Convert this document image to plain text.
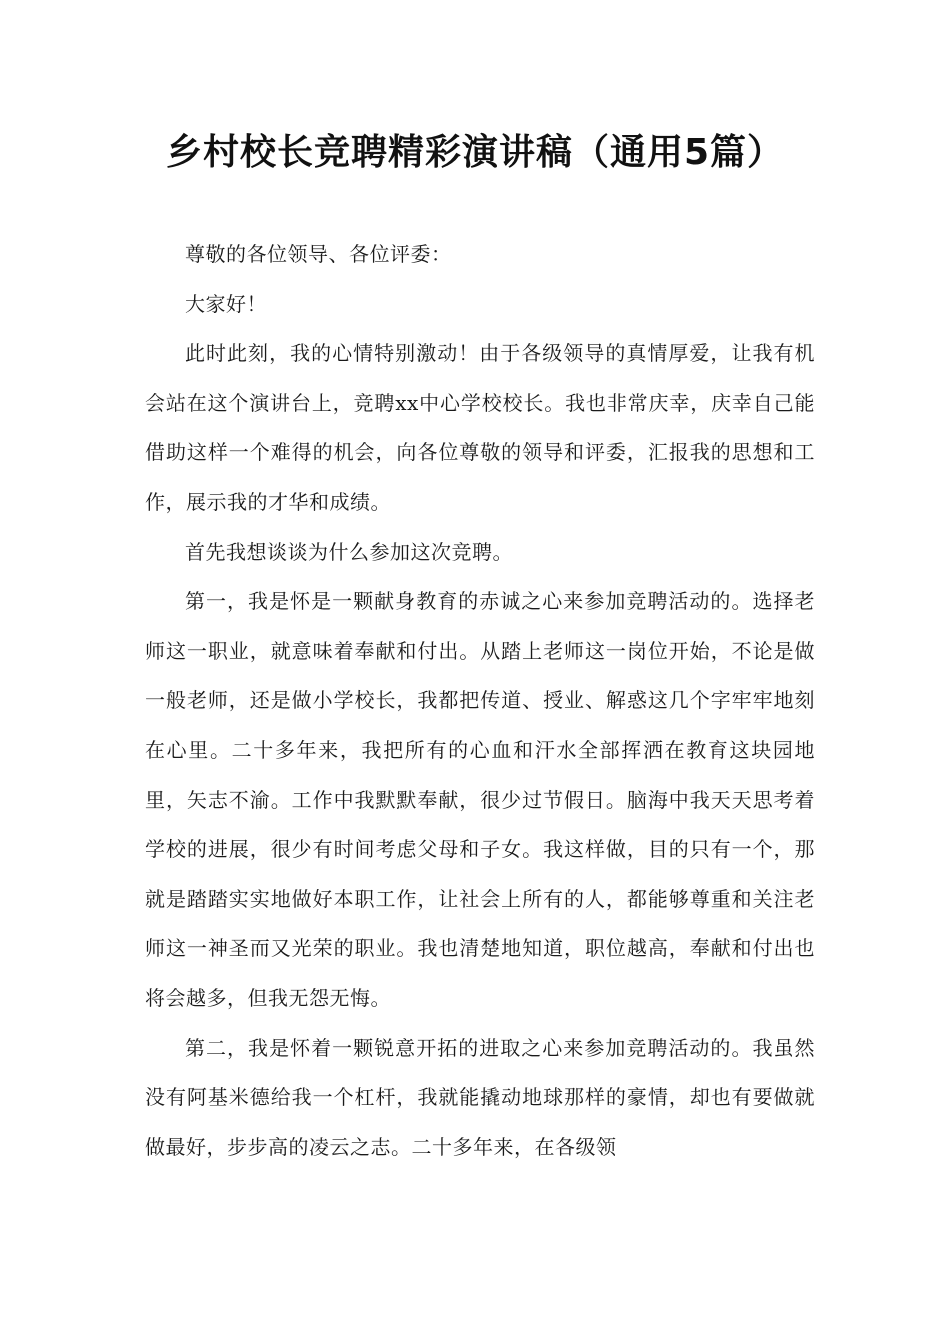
乡村校长竞聘精彩演讲稿（通用5篇）

尊敬的各位领导、各位评委：

大家好！

此时此刻，我的心情特别激动！由于各级领导的真情厚爱，让我有机会站在这个演讲台上，竞聘xx中心学校校长。我也非常庆幸，庆幸自己能借助这样一个难得的机会，向各位尊敬的领导和评委，汇报我的思想和工作，展示我的才华和成绩。

首先我想谈谈为什么参加这次竞聘。

第一，我是怀是一颗献身教育的赤诚之心来参加竞聘活动的。选择老师这一职业，就意味着奉献和付出。从踏上老师这一岗位开始，不论是做一般老师，还是做小学校长，我都把传道、授业、解惑这几个字牢牢地刻在心里。二十多年来，我把所有的心血和汗水全部挥洒在教育这块园地里，矢志不渝。工作中我默默奉献，很少过节假日。脑海中我天天思考着学校的进展，很少有时间考虑父母和子女。我这样做，目的只有一个，那就是踏踏实实地做好本职工作，让社会上所有的人，都能够尊重和关注老师这一神圣而又光荣的职业。我也清楚地知道，职位越高，奉献和付出也将会越多，但我无怨无悔。

第二，我是怀着一颗锐意开拓的进取之心来参加竞聘活动的。我虽然没有阿基米德给我一个杠杆，我就能撬动地球那样的豪情，却也有要做就做最好，步步高的凌云之志。二十多年来，在各级领
